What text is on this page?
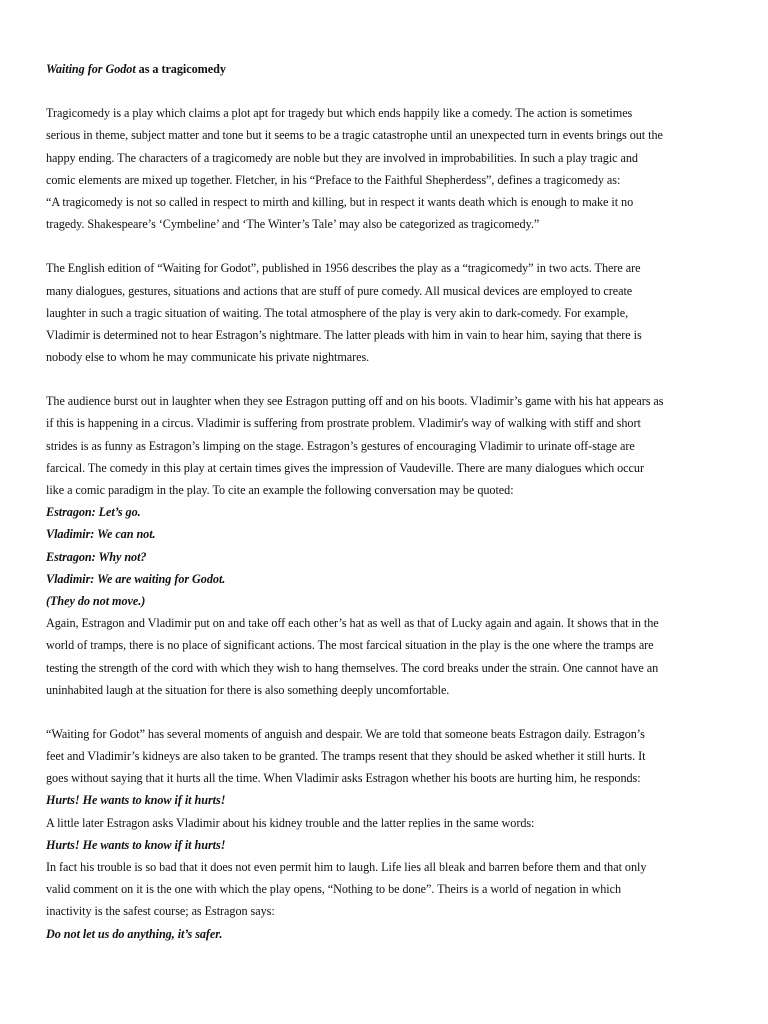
Waiting for Godot as a tragicomedy
Tragicomedy is a play which claims a plot apt for tragedy but which ends happily like a comedy. The action is sometimes
serious in theme, subject matter and tone but it seems to be a tragic catastrophe until an unexpected turn in events brings out the
happy ending. The characters of a tragicomedy are noble but they are involved in improbabilities. In such a play tragic and
comic elements are mixed up together. Fletcher, in his “Preface to the Faithful Shepherdess”, defines a tragicomedy as:
“A tragicomedy is not so called in respect to mirth and killing, but in respect it wants death which is enough to make it no
tragedy. Shakespeare’s ‘Cymbeline’ and ‘The Winter’s Tale’ may also be categorized as tragicomedy.”
The English edition of “Waiting for Godot”, published in 1956 describes the play as a “tragicomedy” in two acts. There are
many dialogues, gestures, situations and actions that are stuff of pure comedy. All musical devices are employed to create
laughter in such a tragic situation of waiting. The total atmosphere of the play is very akin to dark-comedy. For example,
Vladimir is determined not to hear Estragon’s nightmare. The latter pleads with him in vain to hear him, saying that there is
nobody else to whom he may communicate his private nightmares.
The audience burst out in laughter when they see Estragon putting off and on his boots. Vladimir’s game with his hat appears as
if this is happening in a circus. Vladimir is suffering from prostrate problem. Vladimir's way of walking with stiff and short
strides is as funny as Estragon’s limping on the stage. Estragon’s gestures of encouraging Vladimir to urinate off-stage are
farcical. The comedy in this play at certain times gives the impression of Vaudeville. There are many dialogues which occur
like a comic paradigm in the play. To cite an example the following conversation may be quoted:
Estragon: Let’s go.
Vladimir: We can not.
Estragon: Why not?
Vladimir: We are waiting for Godot.
(They do not move.)
Again, Estragon and Vladimir put on and take off each other’s hat as well as that of Lucky again and again. It shows that in the
world of tramps, there is no place of significant actions. The most farcical situation in the play is the one where the tramps are
testing the strength of the cord with which they wish to hang themselves. The cord breaks under the strain. One cannot have an
uninhabited laugh at the situation for there is also something deeply uncomfortable.
“Waiting for Godot” has several moments of anguish and despair. We are told that someone beats Estragon daily. Estragon’s
feet and Vladimir’s kidneys are also taken to be granted. The tramps resent that they should be asked whether it still hurts. It
goes without saying that it hurts all the time. When Vladimir asks Estragon whether his boots are hurting him, he responds:
Hurts! He wants to know if it hurts!
A little later Estragon asks Vladimir about his kidney trouble and the latter replies in the same words:
Hurts! He wants to know if it hurts!
In fact his trouble is so bad that it does not even permit him to laugh. Life lies all bleak and barren before them and that only
valid comment on it is the one with which the play opens, “Nothing to be done”. Theirs is a world of negation in which
inactivity is the safest course; as Estragon says:
Do not let us do anything, it’s safer.
